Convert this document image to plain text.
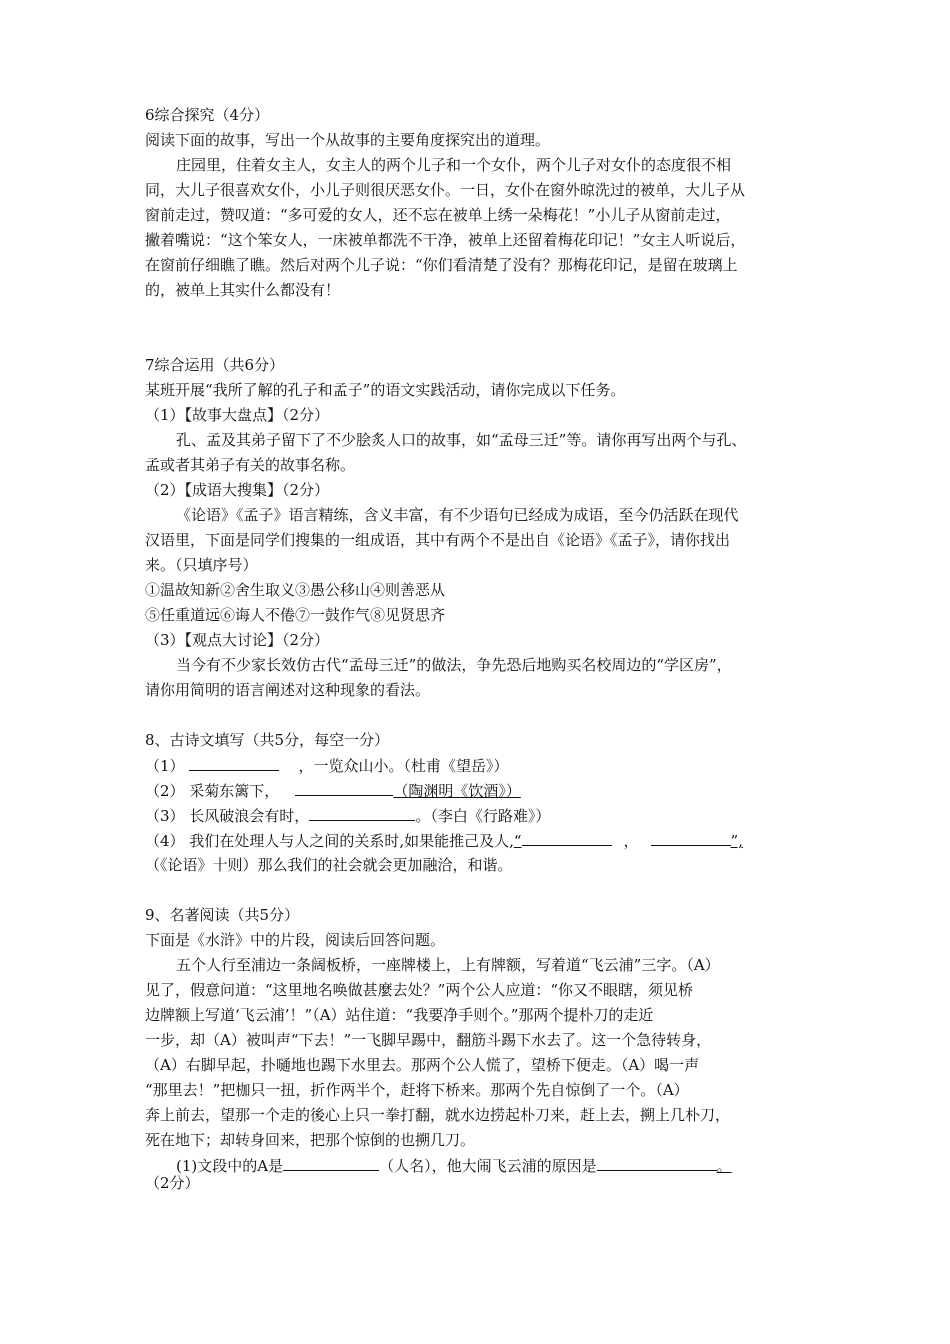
6综合探究（4分）
阅读下面的故事，写出一个从故事的主要角度探究出的道理。
庄园里，住着女主人，女主人的两个儿子和一个女仆，两个儿子对女仆的态度很不相
同，大儿子很喜欢女仆，小儿子则很厌恶女仆。一日，女仆在窗外晾洗过的被单，大儿子从
窗前走过，赞叹道：“多可爱的女人，还不忘在被单上绣一朵梅花！”小儿子从窗前走过，
撇着嘴说：“这个笨女人，一床被单都洗不干净，被单上还留着梅花印记！”女主人听说后，
在窗前仔细瞧了瞧。然后对两个儿子说：“你们看清楚了没有？那梅花印记，是留在玻璃上
的，被单上其实什么都没有！
7综合运用（共6分）
某班开展“我所了解的孔子和孟子”的语文实践活动，请你完成以下任务。
（1）【故事大盘点】（2分）
孔、孟及其弟子留下了不少脍炙人口的故事，如“孟母三迁”等。请你再写出两个与孔、
孟或者其弟子有关的故事名称。
（2）【成语大搜集】（2分）
《论语》《孟子》语言精练，含义丰富，有不少语句已经成为成语，至今仍活跃在现代
汉语里，下面是同学们搜集的一组成语，其中有两个不是出自《论语》《孟子》，请你找出
来。（只填序号）
①温故知新②舍生取义③愚公移山④则善恶从
⑤任重道远⑥诲人不倦⑦一鼓作气⑧见贤思齐
（3）【观点大讨论】（2分）
当今有不少家长效仿古代“孟母三迁”的做法，争先恐后地购买名校周边的“学区房”，
请你用简明的语言阐述对这种现象的看法。
8、古诗文填写（共5分，每空一分）
（1）	，一览众山小。（杜甫《望岳》）
（2） 采菊东篱下，	（陶渊明《饮酒》）
（3） 长风破浪会有时，	。（李白《行路难》）
（4） 我们在处理人与人之间的关系时,如果能推己及人,“	，	”,
（《论语》十则）那么我们的社会就会更加融洽，和谐。
9、名著阅读（共5分）
下面是《水浒》中的片段，阅读后回答问题。
五个人行至浦边一条阔板桥，一座牌楼上，上有牌额，写着道“飞云浦”三字。（A）
见了，假意问道：“这里地名唤做甚麼去处？”两个公人应道：“你又不眼瞎，须见桥
边牌额上写道‘飞云浦’！”（A）站住道：“我要净手则个。”那两个提朴刀的走近
一步，却（A）被叫声“下去！”一飞脚早踢中，翻筋斗踢下水去了。这一个急待转身，
（A）右脚早起，扑嗵地也踢下水里去。那两个公人慌了，望桥下便走。（A）喝一声
“那里去！”把枷只一扭，折作两半个，赶将下桥来。那两个先自惊倒了一个。（A）
奔上前去，望那一个走的後心上只一拳打翻，就水边捞起朴刀来，赶上去，搠上几朴刀，
死在地下；却转身回来，把那个惊倒的也搠几刀。
(1)文段中的A是	（人名），他大闹飞云浦的原因是	。
（2分）
